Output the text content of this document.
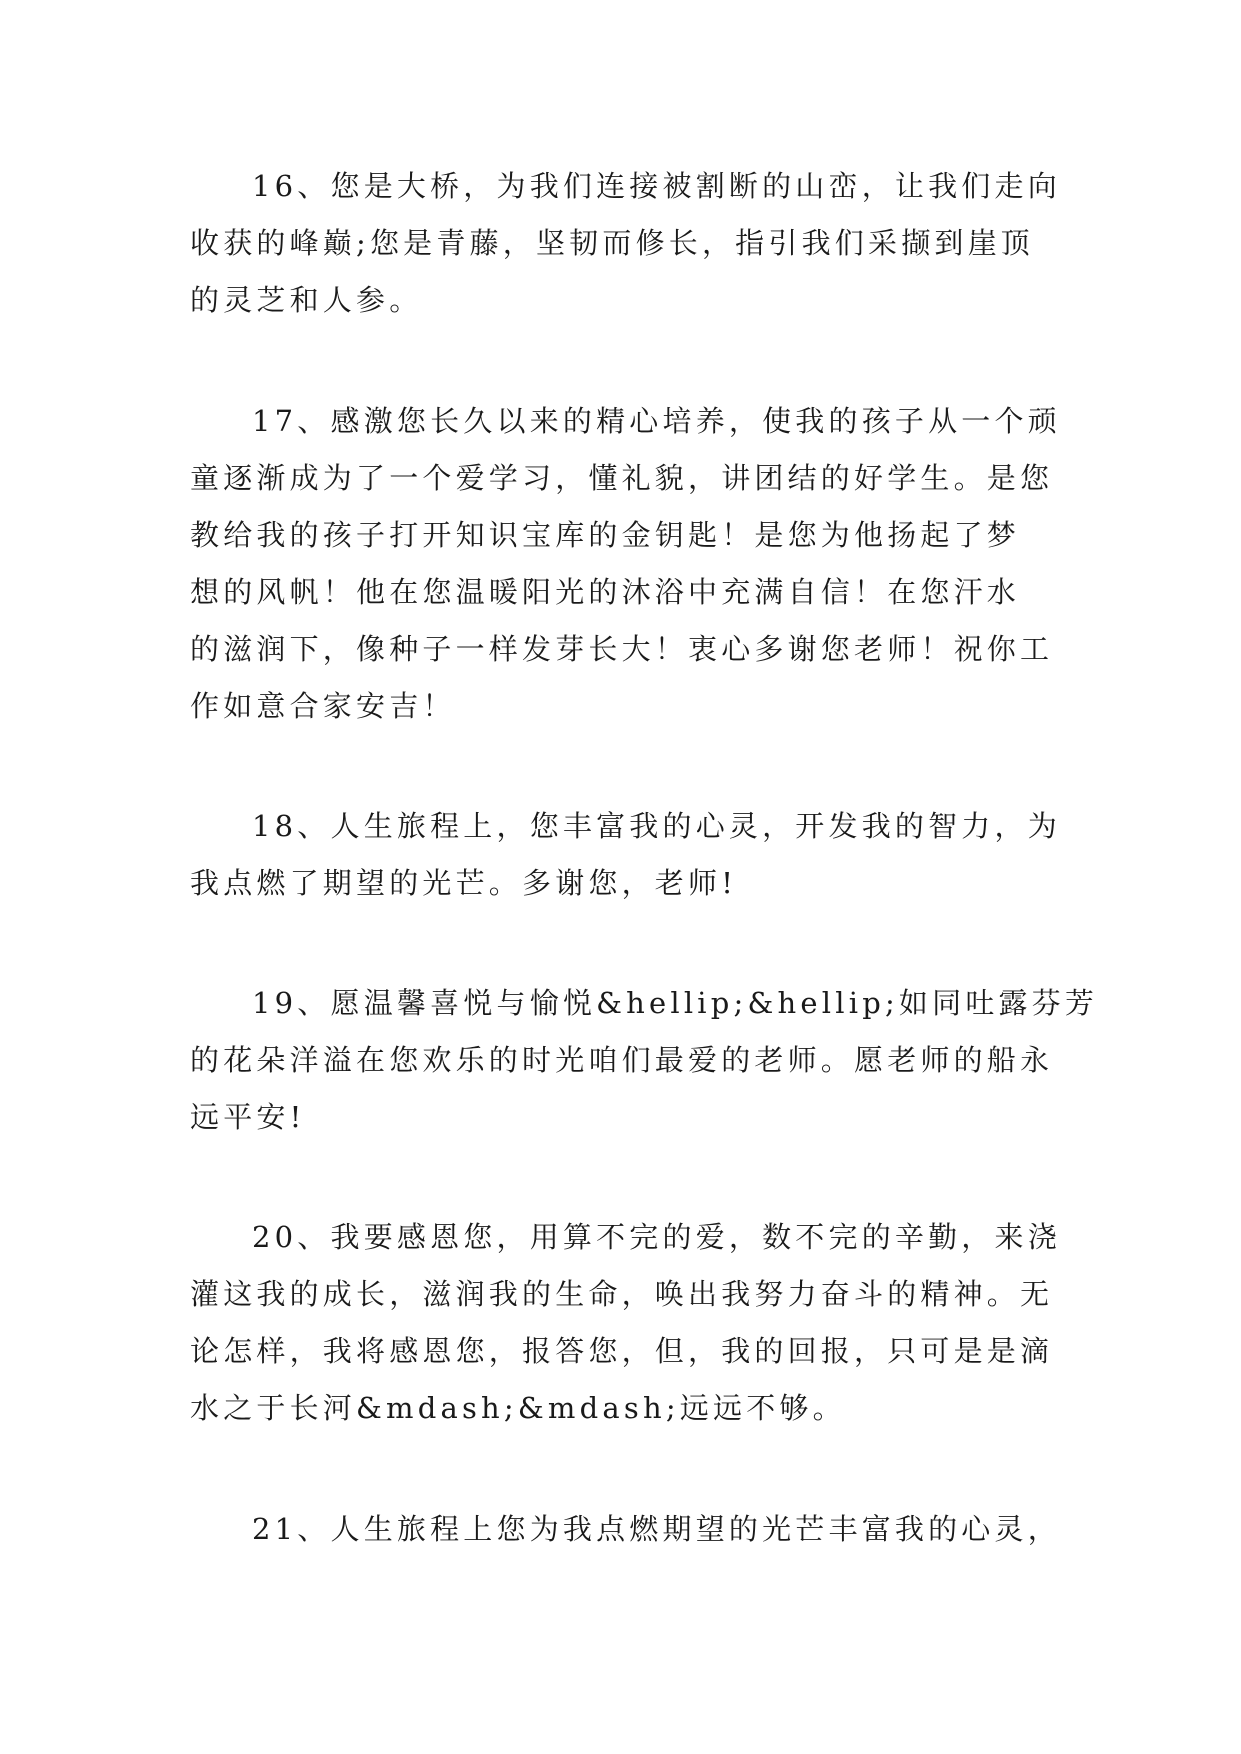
16、您是大桥，为我们连接被割断的山峦，让我们走向
收获的峰巅;您是青藤，坚韧而修长，指引我们采撷到崖顶
的灵芝和人参。
17、感激您长久以来的精心培养，使我的孩子从一个顽
童逐渐成为了一个爱学习，懂礼貌，讲团结的好学生。是您
教给我的孩子打开知识宝库的金钥匙！是您为他扬起了梦
想的风帆！他在您温暖阳光的沐浴中充满自信！在您汗水
的滋润下，像种子一样发芽长大！衷心多谢您老师！祝你工
作如意合家安吉！
18、人生旅程上，您丰富我的心灵，开发我的智力，为
我点燃了期望的光芒。多谢您，老师!
19、愿温馨喜悦与愉悦&hellip;&hellip;如同吐露芬芳
的花朵洋溢在您欢乐的时光咱们最爱的老师。愿老师的船永
远平安!
20、我要感恩您，用算不完的爱，数不完的辛勤，来浇
灌这我的成长，滋润我的生命，唤出我努力奋斗的精神。无
论怎样，我将感恩您，报答您，但，我的回报，只可是是滴
水之于长河&mdash;&mdash;远远不够。
21、人生旅程上您为我点燃期望的光芒丰富我的心灵，
